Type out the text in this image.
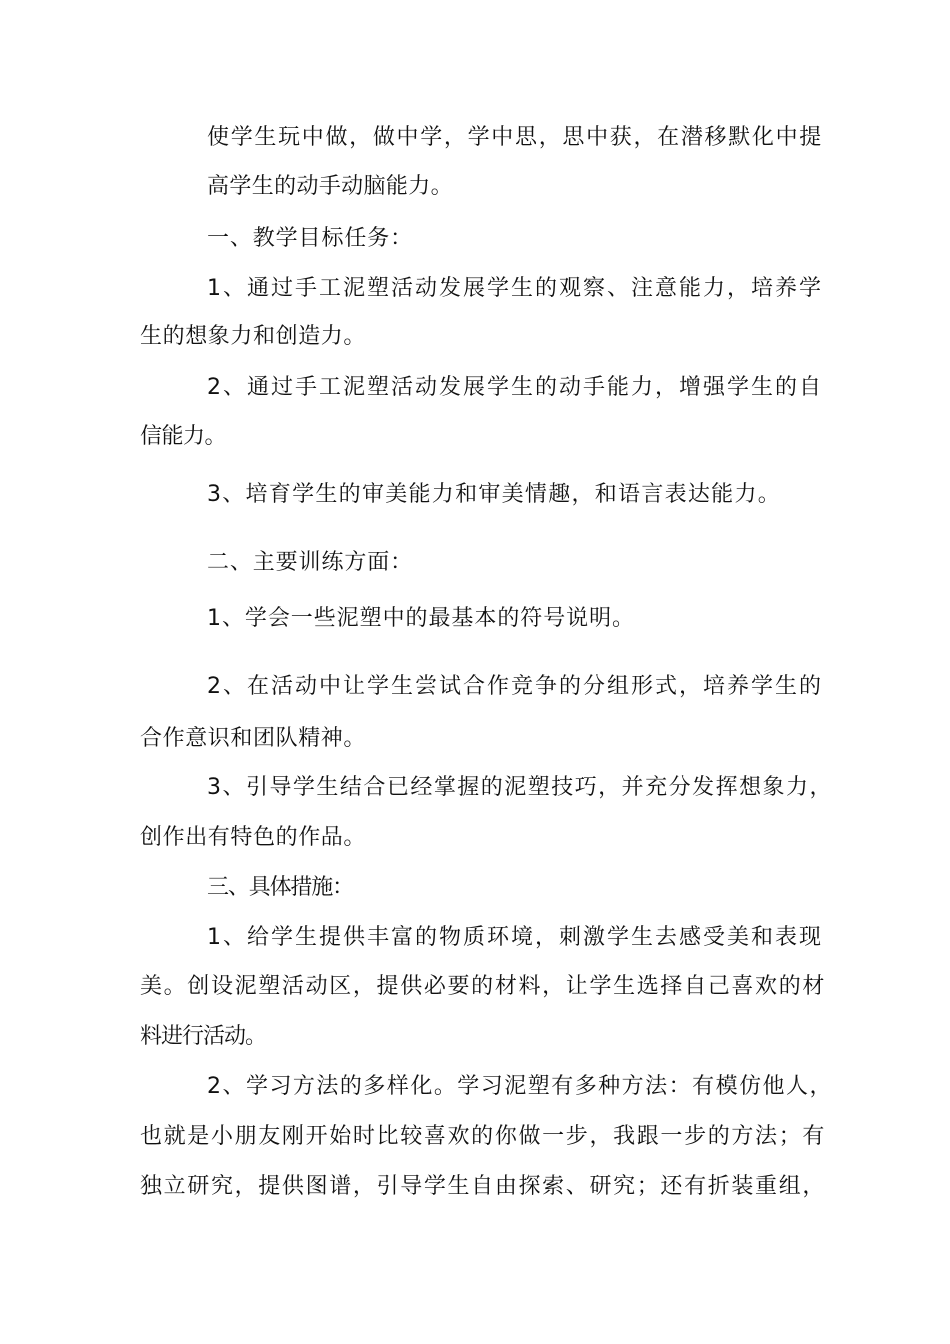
使学生玩中做，做中学，学中思，思中获，在潜移默化中提
高学生的动手动脑能力。
一、教学目标任务：
1、通过手工泥塑活动发展学生的观察、注意能力，培养学
生的想象力和创造力。
2、通过手工泥塑活动发展学生的动手能力，增强学生的自
信能力。
3、培育学生的审美能力和审美情趣，和语言表达能力。
二、主要训练方面：
1、学会一些泥塑中的最基本的符号说明。
2、在活动中让学生尝试合作竞争的分组形式，培养学生的
合作意识和团队精神。
3、引导学生结合已经掌握的泥塑技巧，并充分发挥想象力，
创作出有特色的作品。
三、具体措施：
1、给学生提供丰富的物质环境，刺激学生去感受美和表现
美。创设泥塑活动区，提供必要的材料，让学生选择自己喜欢的材
料进行活动。
2、学习方法的多样化。学习泥塑有多种方法：有模仿他人，
也就是小朋友刚开始时比较喜欢的你做一步，我跟一步的方法；有
独立研究，提供图谱，引导学生自由探索、研究；还有折装重组，
